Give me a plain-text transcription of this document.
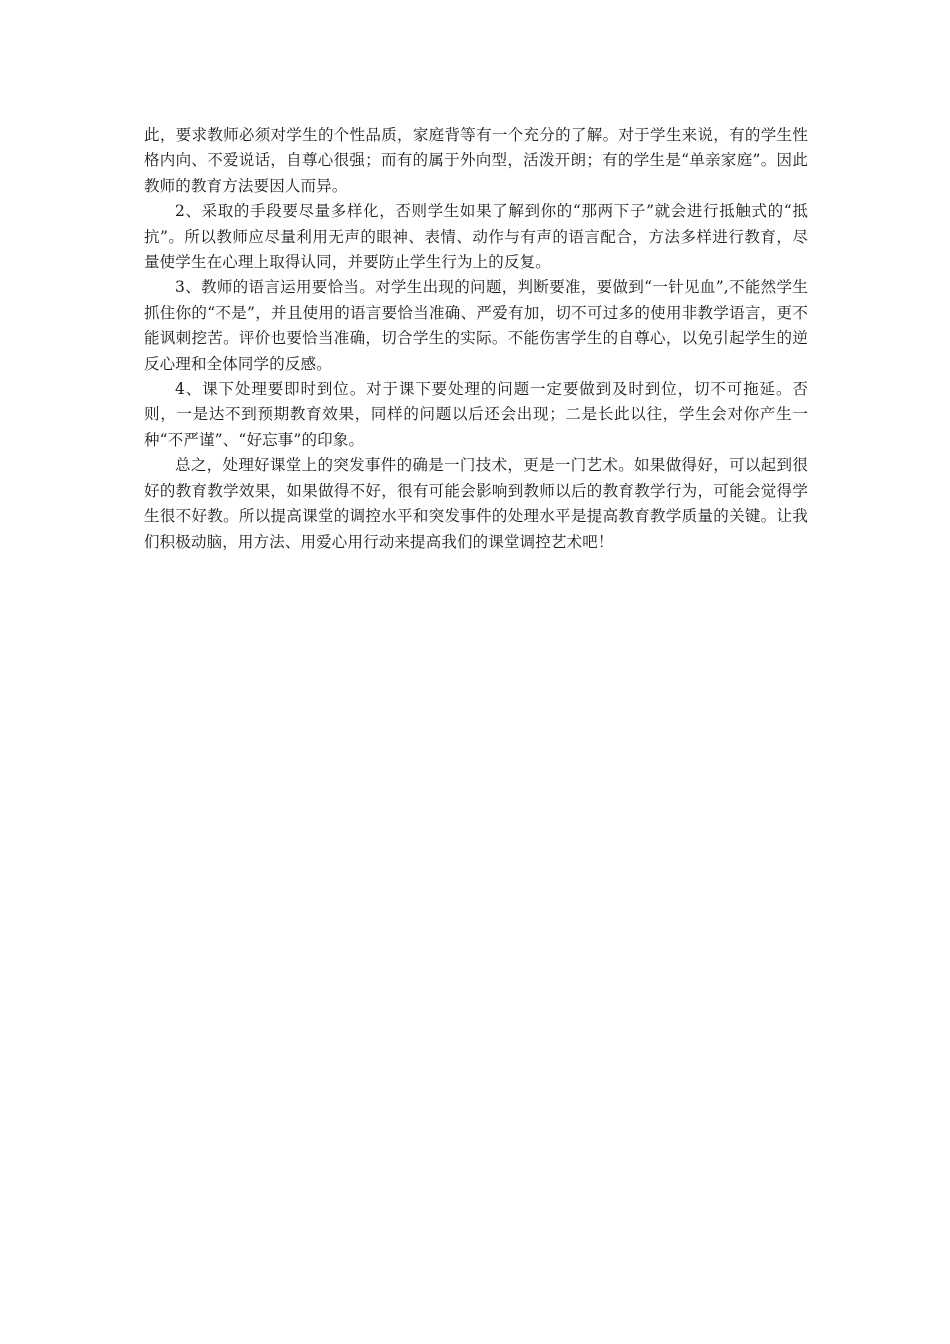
此，要求教师必须对学生的个性品质，家庭背等有一个充分的了解。对于学生来说，有的学生性格内向、不爱说话，自尊心很强；而有的属于外向型，活泼开朗；有的学生是“单亲家庭”。因此教师的教育方法要因人而异。

2、采取的手段要尽量多样化，否则学生如果了解到你的“那两下子”就会进行抵触式的“抵抗”。所以教师应尽量利用无声的眼神、表情、动作与有声的语言配合，方法多样进行教育，尽量使学生在心理上取得认同，并要防止学生行为上的反复。

3、教师的语言运用要恰当。对学生出现的问题，判断要准，要做到“一针见血”,不能然学生抓住你的“不是”，并且使用的语言要恰当准确、严爱有加，切不可过多的使用非教学语言，更不能讽刺挖苦。评价也要恰当准确，切合学生的实际。不能伤害学生的自尊心，以免引起学生的逆反心理和全体同学的反感。

4、课下处理要即时到位。对于课下要处理的问题一定要做到及时到位，切不可拖延。否则，一是达不到预期教育效果，同样的问题以后还会出现；二是长此以往，学生会对你产生一种“不严谨”、“好忘事”的印象。

总之，处理好课堂上的突发事件的确是一门技术，更是一门艺术。如果做得好，可以起到很好的教育教学效果，如果做得不好，很有可能会影响到教师以后的教育教学行为，可能会觉得学生很不好教。所以提高课堂的调控水平和突发事件的处理水平是提高教育教学质量的关键。让我们积极动脑，用方法、用爱心用行动来提高我们的课堂调控艺术吧！
